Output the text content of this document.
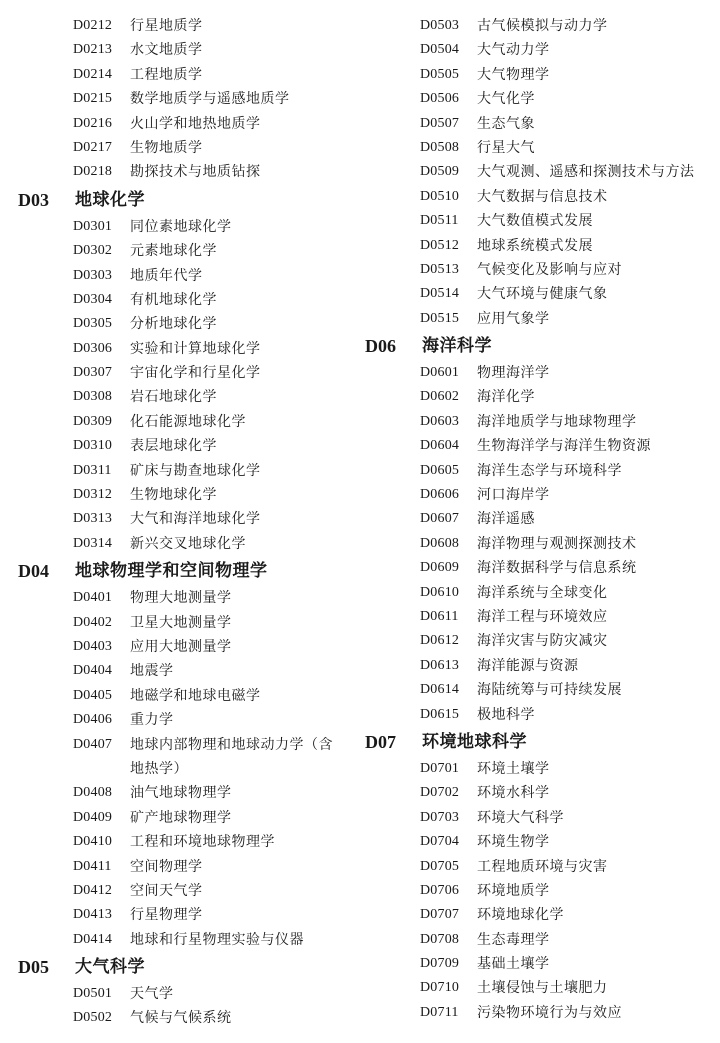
D0212	行星地质学
D0213	水文地质学
D0214	工程地质学
D0215	数学地质学与遥感地质学
D0216	火山学和地热地质学
D0217	生物地质学
D0218	勘探技术与地质钻探
D03	地球化学
D0301	同位素地球化学
D0302	元素地球化学
D0303	地质年代学
D0304	有机地球化学
D0305	分析地球化学
D0306	实验和计算地球化学
D0307	宇宙化学和行星化学
D0308	岩石地球化学
D0309	化石能源地球化学
D0310	表层地球化学
D0311	矿床与勘查地球化学
D0312	生物地球化学
D0313	大气和海洋地球化学
D0314	新兴交叉地球化学
D04	地球物理学和空间物理学
D0401	物理大地测量学
D0402	卫星大地测量学
D0403	应用大地测量学
D0404	地震学
D0405	地磁学和地球电磁学
D0406	重力学
D0407	地球内部物理和地球动力学（含地热学）
D0408	油气地球物理学
D0409	矿产地球物理学
D0410	工程和环境地球物理学
D0411	空间物理学
D0412	空间天气学
D0413	行星物理学
D0414	地球和行星物理实验与仪器
D05	大气科学
D0501	天气学
D0502	气候与气候系统
D0503	古气候模拟与动力学
D0504	大气动力学
D0505	大气物理学
D0506	大气化学
D0507	生态气象
D0508	行星大气
D0509	大气观测、遥感和探测技术与方法
D0510	大气数据与信息技术
D0511	大气数值模式发展
D0512	地球系统模式发展
D0513	气候变化及影响与应对
D0514	大气环境与健康气象
D0515	应用气象学
D06	海洋科学
D0601	物理海洋学
D0602	海洋化学
D0603	海洋地质学与地球物理学
D0604	生物海洋学与海洋生物资源
D0605	海洋生态学与环境科学
D0606	河口海岸学
D0607	海洋遥感
D0608	海洋物理与观测探测技术
D0609	海洋数据科学与信息系统
D0610	海洋系统与全球变化
D0611	海洋工程与环境效应
D0612	海洋灾害与防灾减灾
D0613	海洋能源与资源
D0614	海陆统筹与可持续发展
D0615	极地科学
D07	环境地球科学
D0701	环境土壤学
D0702	环境水科学
D0703	环境大气科学
D0704	环境生物学
D0705	工程地质环境与灾害
D0706	环境地质学
D0707	环境地球化学
D0708	生态毒理学
D0709	基础土壤学
D0710	土壤侵蚀与土壤肥力
D0711	污染物环境行为与效应
